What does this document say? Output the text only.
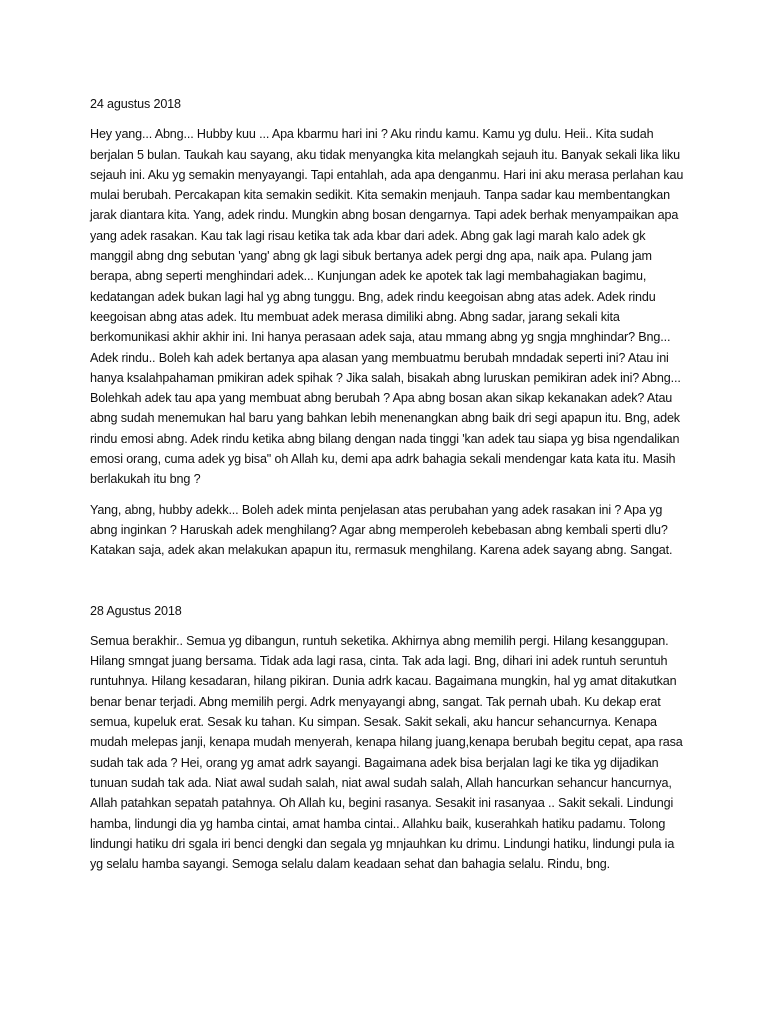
24 agustus 2018

Hey yang... Abng... Hubby kuu ... Apa kbarmu hari ini ? Aku rindu kamu. Kamu yg dulu. Heii.. Kita sudah berjalan 5 bulan. Taukah kau sayang, aku tidak menyangka kita melangkah sejauh itu. Banyak sekali lika liku sejauh ini. Aku yg semakin menyayangi. Tapi entahlah, ada apa denganmu. Hari ini aku merasa perlahan kau mulai berubah. Percakapan kita semakin sedikit. Kita semakin menjauh. Tanpa sadar kau membentangkan jarak diantara kita. Yang, adek rindu. Mungkin abng bosan dengarnya. Tapi adek berhak menyampaikan apa yang adek rasakan. Kau tak lagi risau ketika tak ada kbar dari adek. Abng gak lagi marah kalo adek gk manggil abng dng sebutan 'yang' abng gk lagi sibuk bertanya adek pergi dng apa, naik apa. Pulang jam berapa, abng seperti menghindari adek... Kunjungan adek ke apotek tak lagi membahagiakan bagimu, kedatangan adek bukan lagi hal yg abng tunggu. Bng, adek rindu keegoisan abng atas adek. Adek rindu keegoisan abng atas adek. Itu membuat adek merasa dimiliki abng. Abng sadar, jarang sekali kita berkomunikasi akhir akhir ini. Ini hanya perasaan adek saja, atau mmang abng yg sngja mnghindar? Bng... Adek rindu.. Boleh kah adek bertanya apa alasan yang membuatmu berubah mndadak seperti ini? Atau ini hanya ksalahpahaman pmikiran adek spihak ? Jika salah, bisakah abng luruskan pemikiran adek ini? Abng... Bolehkah adek tau apa yang membuat abng berubah ? Apa abng bosan akan sikap kekanakan adek? Atau abng sudah menemukan hal baru yang bahkan lebih menenangkan abng baik dri segi apapun itu. Bng, adek rindu emosi abng. Adek rindu ketika abng bilang dengan nada tinggi 'kan adek tau siapa yg bisa ngendalikan emosi orang, cuma adek yg bisa" oh Allah ku, demi apa adrk bahagia sekali mendengar kata kata itu. Masih berlakukah itu bng ?

Yang, abng, hubby adekk... Boleh adek minta penjelasan atas perubahan yang adek rasakan ini ? Apa yg abng inginkan ? Haruskah adek menghilang? Agar abng memperoleh kebebasan abng kembali sperti dlu? Katakan saja, adek akan melakukan apapun itu, rermasuk menghilang. Karena adek sayang abng. Sangat.

28 Agustus 2018

Semua berakhir.. Semua yg dibangun, runtuh seketika. Akhirnya abng memilih pergi. Hilang kesanggupan. Hilang smngat juang bersama. Tidak ada lagi rasa, cinta. Tak ada lagi. Bng, dihari ini adek runtuh seruntuh runtuhnya. Hilang kesadaran, hilang pikiran. Dunia adrk kacau. Bagaimana mungkin, hal yg amat ditakutkan benar benar terjadi. Abng memilih pergi. Adrk menyayangi abng, sangat. Tak pernah ubah. Ku dekap erat semua, kupeluk erat. Sesak ku tahan. Ku simpan. Sesak. Sakit sekali, aku hancur sehancurnya. Kenapa mudah melepas janji, kenapa mudah menyerah, kenapa hilang juang,kenapa berubah begitu cepat, apa rasa sudah tak ada ? Hei, orang yg amat adrk sayangi. Bagaimana adek bisa berjalan lagi ke tika yg dijadikan tunuan sudah tak ada. Niat awal sudah salah, niat awal sudah salah, Allah hancurkan sehancur hancurnya, Allah patahkan sepatah patahnya. Oh Allah ku, begini rasanya. Sesakit ini rasanyaa .. Sakit sekali. Lindungi hamba, lindungi dia yg hamba cintai, amat hamba cintai.. Allahku baik, kuserahkah hatiku padamu. Tolong lindungi hatiku dri sgala iri benci dengki dan segala yg mnjauhkan ku drimu. Lindungi hatiku, lindungi pula ia yg selalu hamba sayangi. Semoga selalu dalam keadaan sehat dan bahagia selalu. Rindu, bng.
